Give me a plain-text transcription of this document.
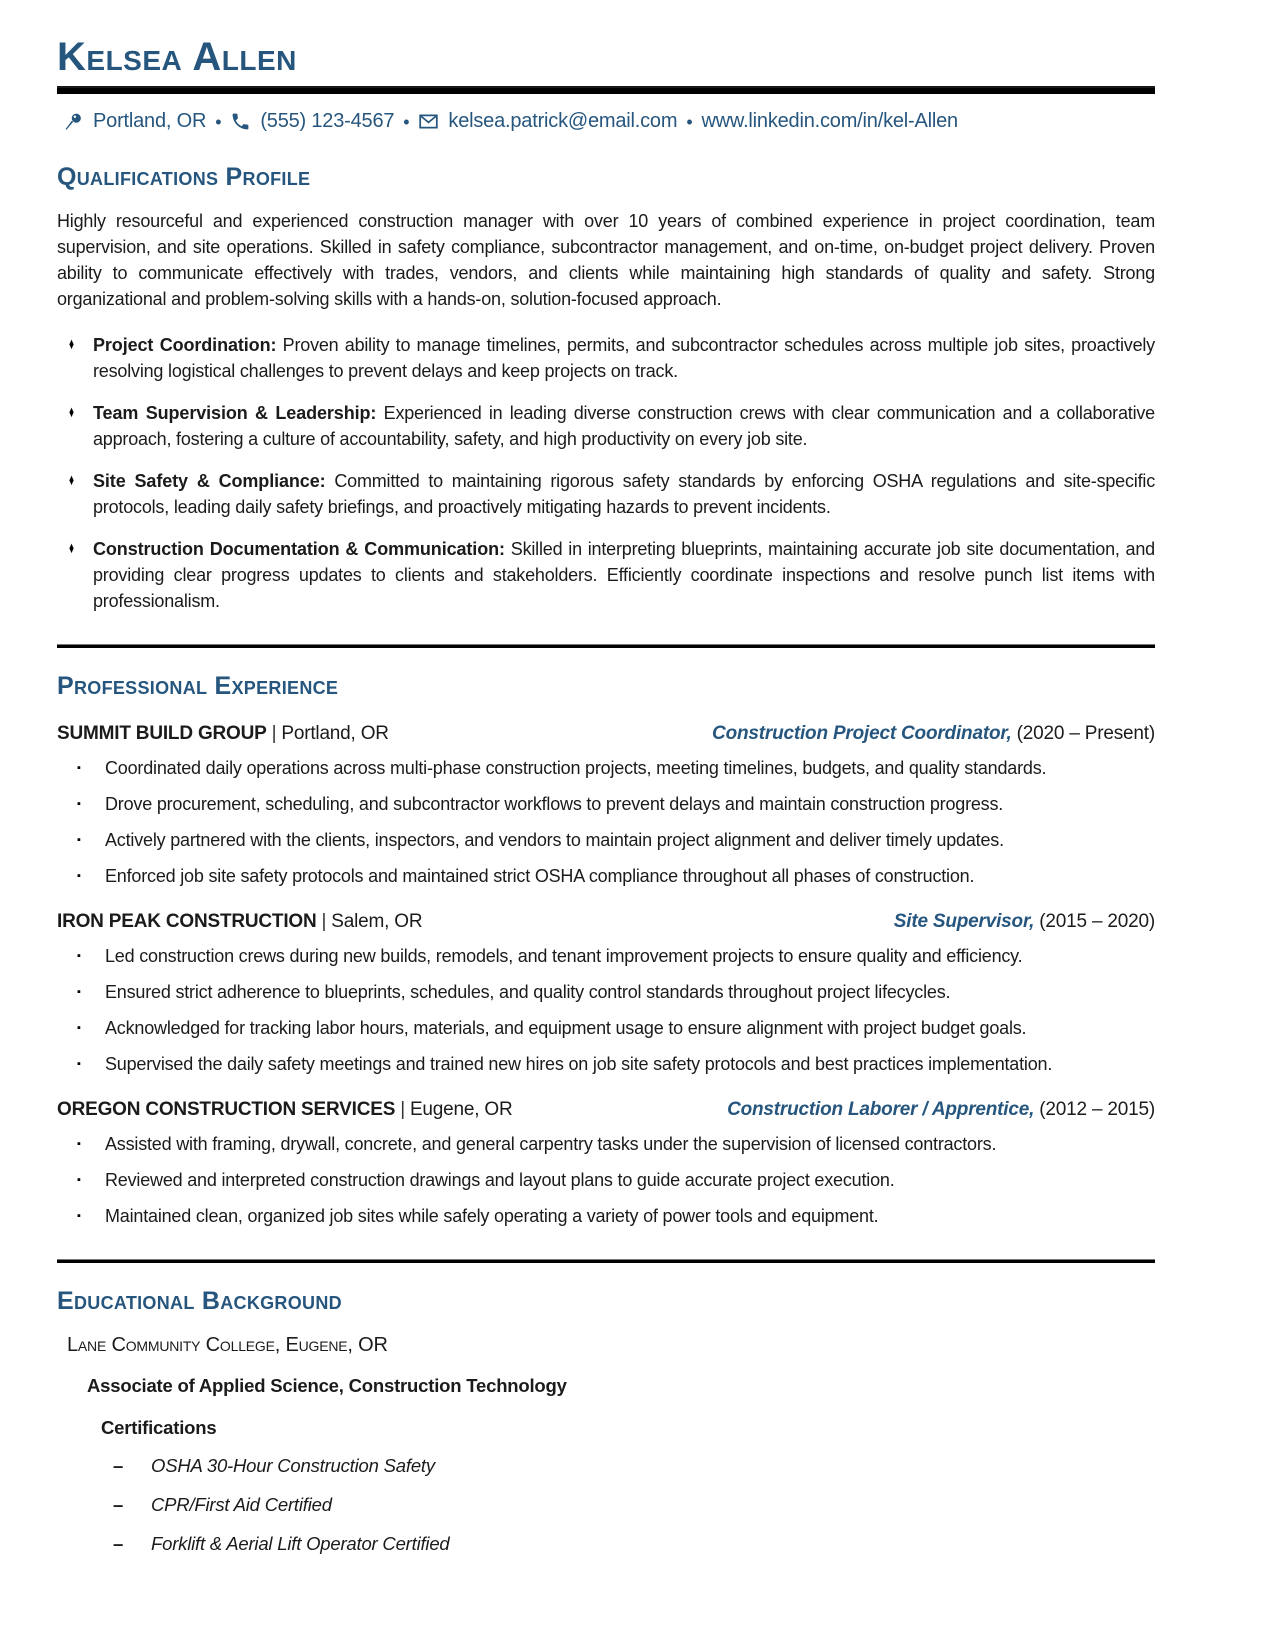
Kelsea Allen
Portland, OR • (555) 123-4567 • kelsea.patrick@email.com • www.linkedin.com/in/kel-Allen
Qualifications Profile

Highly resourceful and experienced construction manager with over 10 years of combined experience in project coordination, team supervision, and site operations. Skilled in safety compliance, subcontractor management, and on-time, on-budget project delivery. Proven ability to communicate effectively with trades, vendors, and clients while maintaining high standards of quality and safety. Strong organizational and problem-solving skills with a hands-on, solution-focused approach.

♦	Project Coordination: Proven ability to manage timelines, permits, and subcontractor schedules across multiple job sites, proactively resolving logistical challenges to prevent delays and keep projects on track.

♦	Team Supervision & Leadership: Experienced in leading diverse construction crews with clear communication and a collaborative approach, fostering a culture of accountability, safety, and high productivity on every job site.

♦	Site Safety & Compliance: Committed to maintaining rigorous safety standards by enforcing OSHA regulations and site-specific protocols, leading daily safety briefings, and proactively mitigating hazards to prevent incidents.

♦	Construction Documentation & Communication: Skilled in interpreting blueprints, maintaining accurate job site documentation, and providing clear progress updates to clients and stakeholders. Efficiently coordinate inspections and resolve punch list items with professionalism.

Professional Experience
SUMMIT BUILD GROUP | Portland, OR	Construction Project Coordinator, (2020 – Present)
▪	Coordinated daily operations across multi-phase construction projects, meeting timelines, budgets, and quality standards.
▪	Drove procurement, scheduling, and subcontractor workflows to prevent delays and maintain construction progress.
▪	Actively partnered with the clients, inspectors, and vendors to maintain project alignment and deliver timely updates.
▪	Enforced job site safety protocols and maintained strict OSHA compliance throughout all phases of construction.
IRON PEAK CONSTRUCTION | Salem, OR	Site Supervisor, (2015 – 2020)
▪	Led construction crews during new builds, remodels, and tenant improvement projects to ensure quality and efficiency.
▪	Ensured strict adherence to blueprints, schedules, and quality control standards throughout project lifecycles.
▪	Acknowledged for tracking labor hours, materials, and equipment usage to ensure alignment with project budget goals.
▪	Supervised the daily safety meetings and trained new hires on job site safety protocols and best practices implementation.
OREGON CONSTRUCTION SERVICES | Eugene, OR	Construction Laborer / Apprentice, (2012 – 2015)
▪	Assisted with framing, drywall, concrete, and general carpentry tasks under the supervision of licensed contractors.
▪	Reviewed and interpreted construction drawings and layout plans to guide accurate project execution.
▪	Maintained clean, organized job sites while safely operating a variety of power tools and equipment.
Educational Background

Lane Community College, Eugene, OR

Associate of Applied Science, Construction Technology

Certifications

–	OSHA 30-Hour Construction Safety
–	CPR/First Aid Certified
–	Forklift & Aerial Lift Operator Certified
